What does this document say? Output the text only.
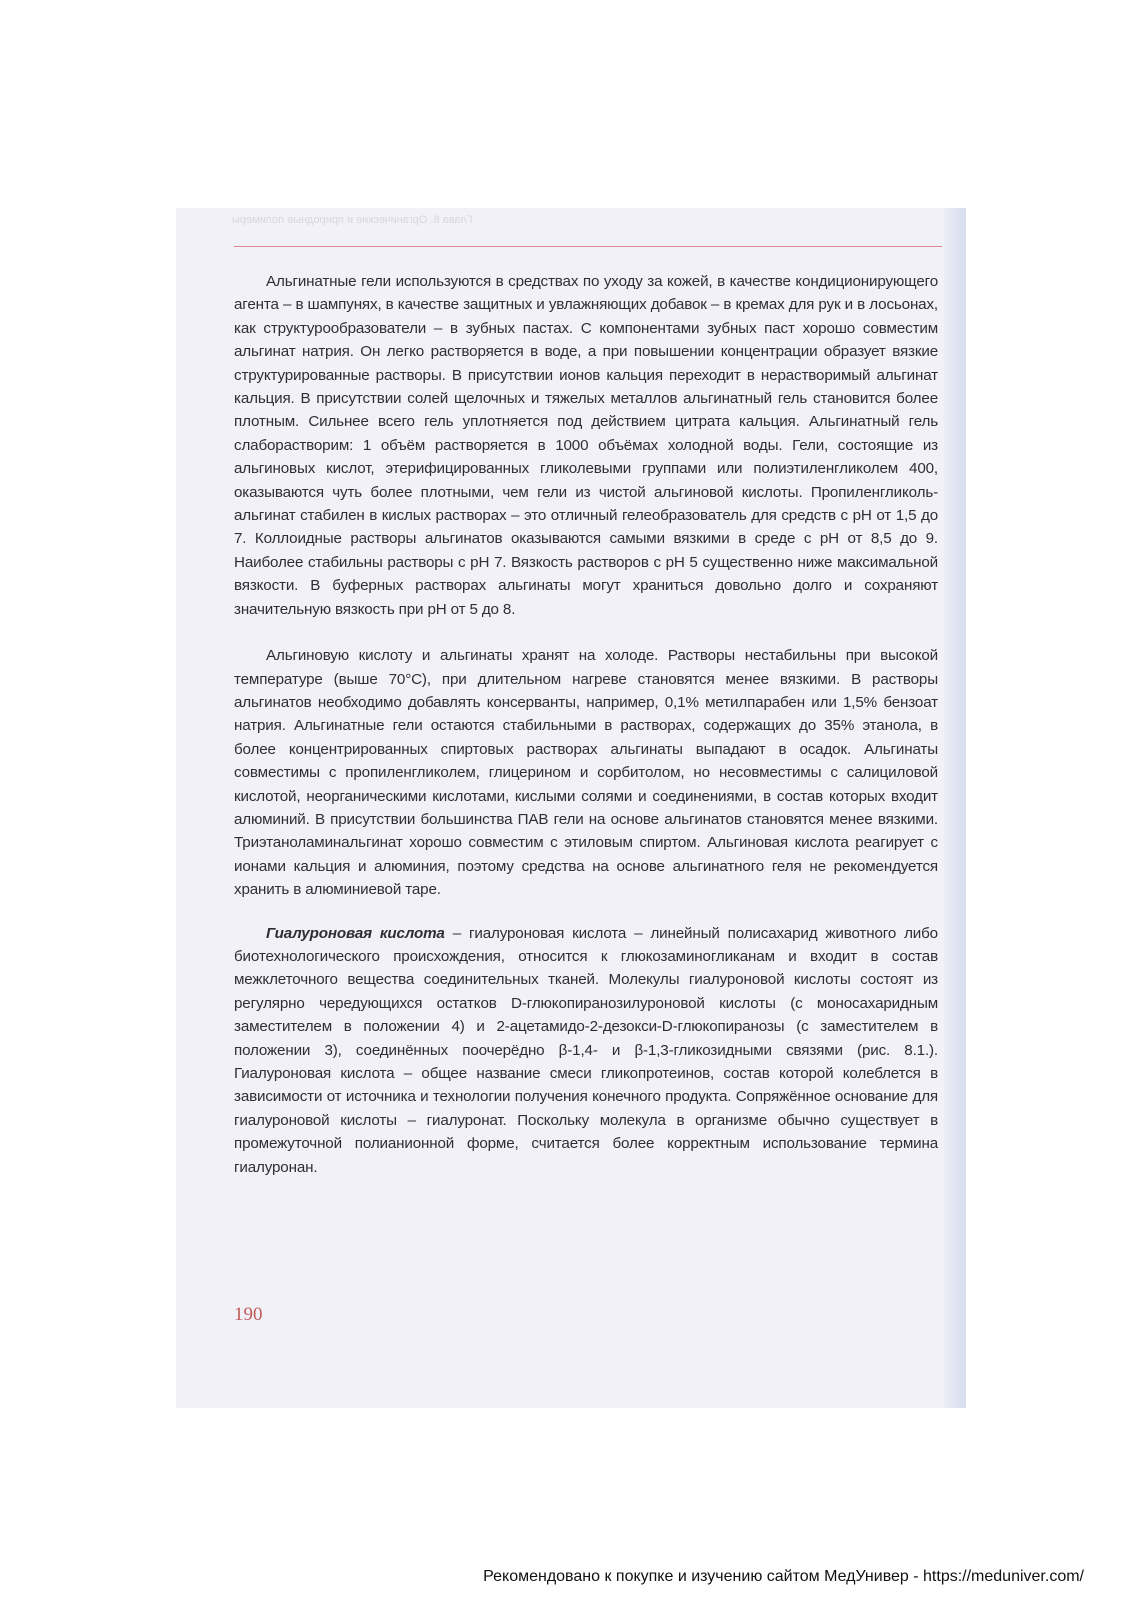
Глава 8. Органические и природные полимеры

Альгинатные гели используются в средствах по уходу за кожей, в качестве кондиционирующего агента – в шампунях, в качестве защитных и увлажняющих добавок – в кремах для рук и в лосьонах, как структурообразователи – в зубных пастах. С компонентами зубных паст хорошо совместим альгинат натрия. Он легко растворяется в воде, а при повышении концентрации образует вязкие структурированные растворы. В присутствии ионов кальция переходит в нерастворимый альгинат кальция. В присутствии солей щелочных и тяжелых металлов альгинатный гель становится более плотным. Сильнее всего гель уплотняется под действием цитрата кальция. Альгинатный гель слаборастворим: 1 объём растворяется в 1000 объёмах холодной воды. Гели, состоящие из альгиновых кислот, этерифицированных гликолевыми группами или полиэтиленгликолем 400, оказываются чуть более плотными, чем гели из чистой альгиновой кислоты. Пропиленгликоль-альгинат стабилен в кислых растворах – это отличный гелеобразователь для средств с рН от 1,5 до 7. Коллоидные растворы альгинатов оказываются самыми вязкими в среде с рН от 8,5 до 9. Наиболее стабильны растворы с рН 7. Вязкость растворов с рН 5 существенно ниже максимальной вязкости. В буферных растворах альгинаты могут храниться довольно долго и сохраняют значительную вязкость при рН от 5 до 8.

Альгиновую кислоту и альгинаты хранят на холоде. Растворы нестабильны при высокой температуре (выше 70°С), при длительном нагреве становятся менее вязкими. В растворы альгинатов необходимо добавлять консерванты, например, 0,1% метилпарабен или 1,5% бензоат натрия. Альгинатные гели остаются стабильными в растворах, содержащих до 35% этанола, в более концентрированных спиртовых растворах альгинаты выпадают в осадок. Альгинаты совместимы с пропиленгликолем, глицерином и сорбитолом, но несовместимы с салициловой кислотой, неорганическими кислотами, кислыми солями и соединениями, в состав которых входит алюминий. В присутствии большинства ПАВ гели на основе альгинатов становятся менее вязкими. Триэтаноламинальгинат хорошо совместим с этиловым спиртом. Альгиновая кислота реагирует с ионами кальция и алюминия, поэтому средства на основе альгинатного геля не рекомендуется хранить в алюминиевой таре.

Гиалуроновая кислота – гиалуроновая кислота – линейный полисахарид животного либо биотехнологического происхождения, относится к глюкозаминогликанам и входит в состав межклеточного вещества соединительных тканей. Молекулы гиалуроновой кислоты состоят из регулярно чередующихся остатков D-глюкопиранозилуроновой кислоты (с моносахаридным заместителем в положении 4) и 2-ацетамидо-2-дезокси-D-глюкопиранозы (с заместителем в положении 3), соединённых поочерёдно β-1,4- и β-1,3-гликозидными связями (рис. 8.1.). Гиалуроновая кислота – общее название смеси гликопротеинов, состав которой колеблется в зависимости от источника и технологии получения конечного продукта. Сопряжённое основание для гиалуроновой кислоты – гиалуронат. Поскольку молекула в организме обычно существует в промежуточной полианионной форме, считается более корректным использование термина гиалуронан.

190
Рекомендовано к покупке и изучению сайтом МедУнивер - https://meduniver.com/
